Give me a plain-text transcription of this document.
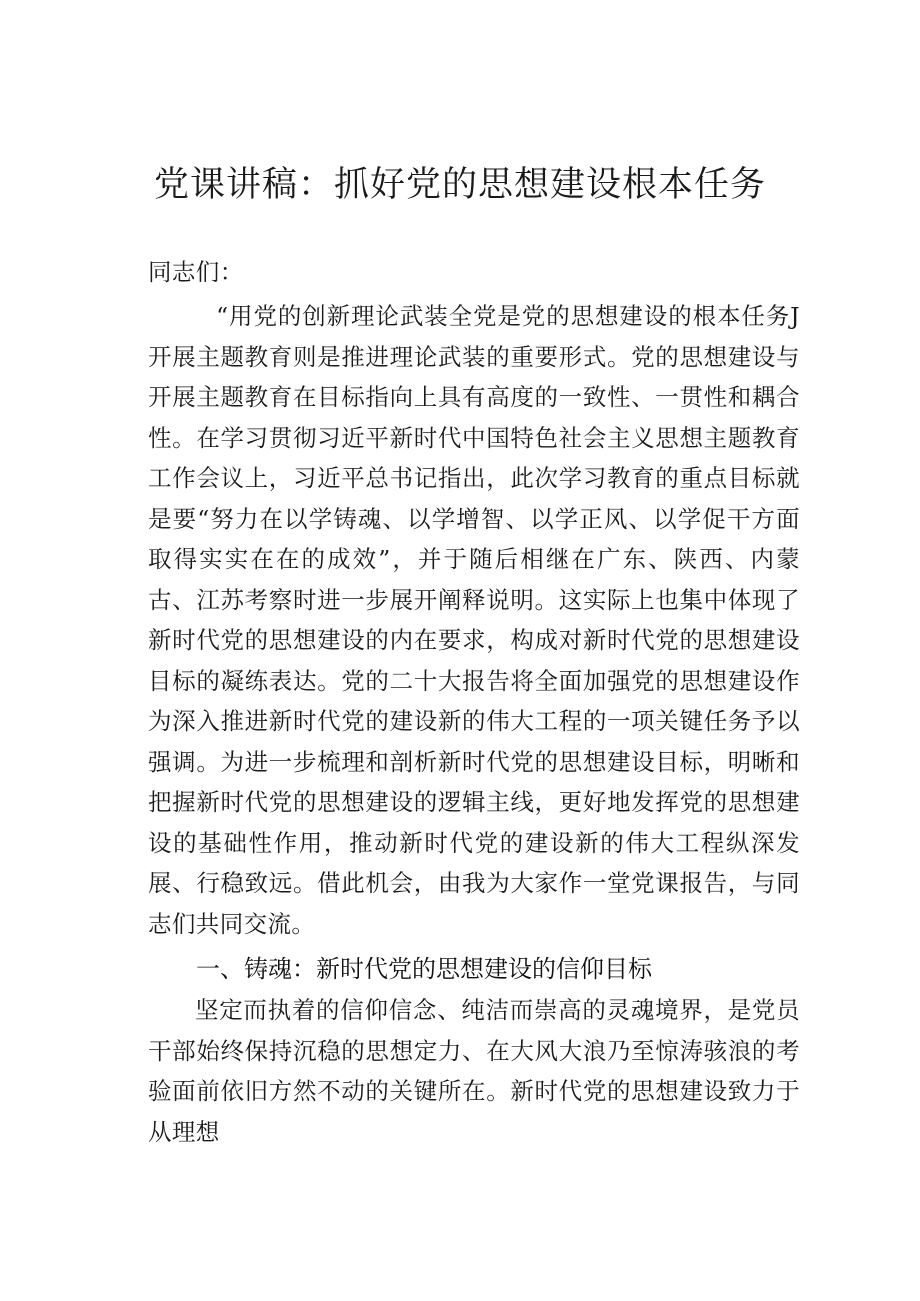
党课讲稿：抓好党的思想建设根本任务

同志们：

“用党的创新理论武装全党是党的思想建设的根本任务J开展主题教育则是推进理论武装的重要形式。党的思想建设与开展主题教育在目标指向上具有高度的一致性、一贯性和耦合性。在学习贯彻习近平新时代中国特色社会主义思想主题教育工作会议上，习近平总书记指出，此次学习教育的重点目标就是要“努力在以学铸魂、以学增智、以学正风、以学促干方面取得实实在在的成效”，并于随后相继在广东、陕西、内蒙古、江苏考察时进一步展开阐释说明。这实际上也集中体现了新时代党的思想建设的内在要求，构成对新时代党的思想建设目标的凝练表达。党的二十大报告将全面加强党的思想建设作为深入推进新时代党的建设新的伟大工程的一项关键任务予以强调。为进一步梳理和剖析新时代党的思想建设目标，明晰和把握新时代党的思想建设的逻辑主线，更好地发挥党的思想建设的基础性作用，推动新时代党的建设新的伟大工程纵深发展、行稳致远。借此机会，由我为大家作一堂党课报告，与同志们共同交流。

一、铸魂：新时代党的思想建设的信仰目标

坚定而执着的信仰信念、纯洁而崇高的灵魂境界，是党员干部始终保持沉稳的思想定力、在大风大浪乃至惊涛骇浪的考验面前依旧方然不动的关键所在。新时代党的思想建设致力于从理想
